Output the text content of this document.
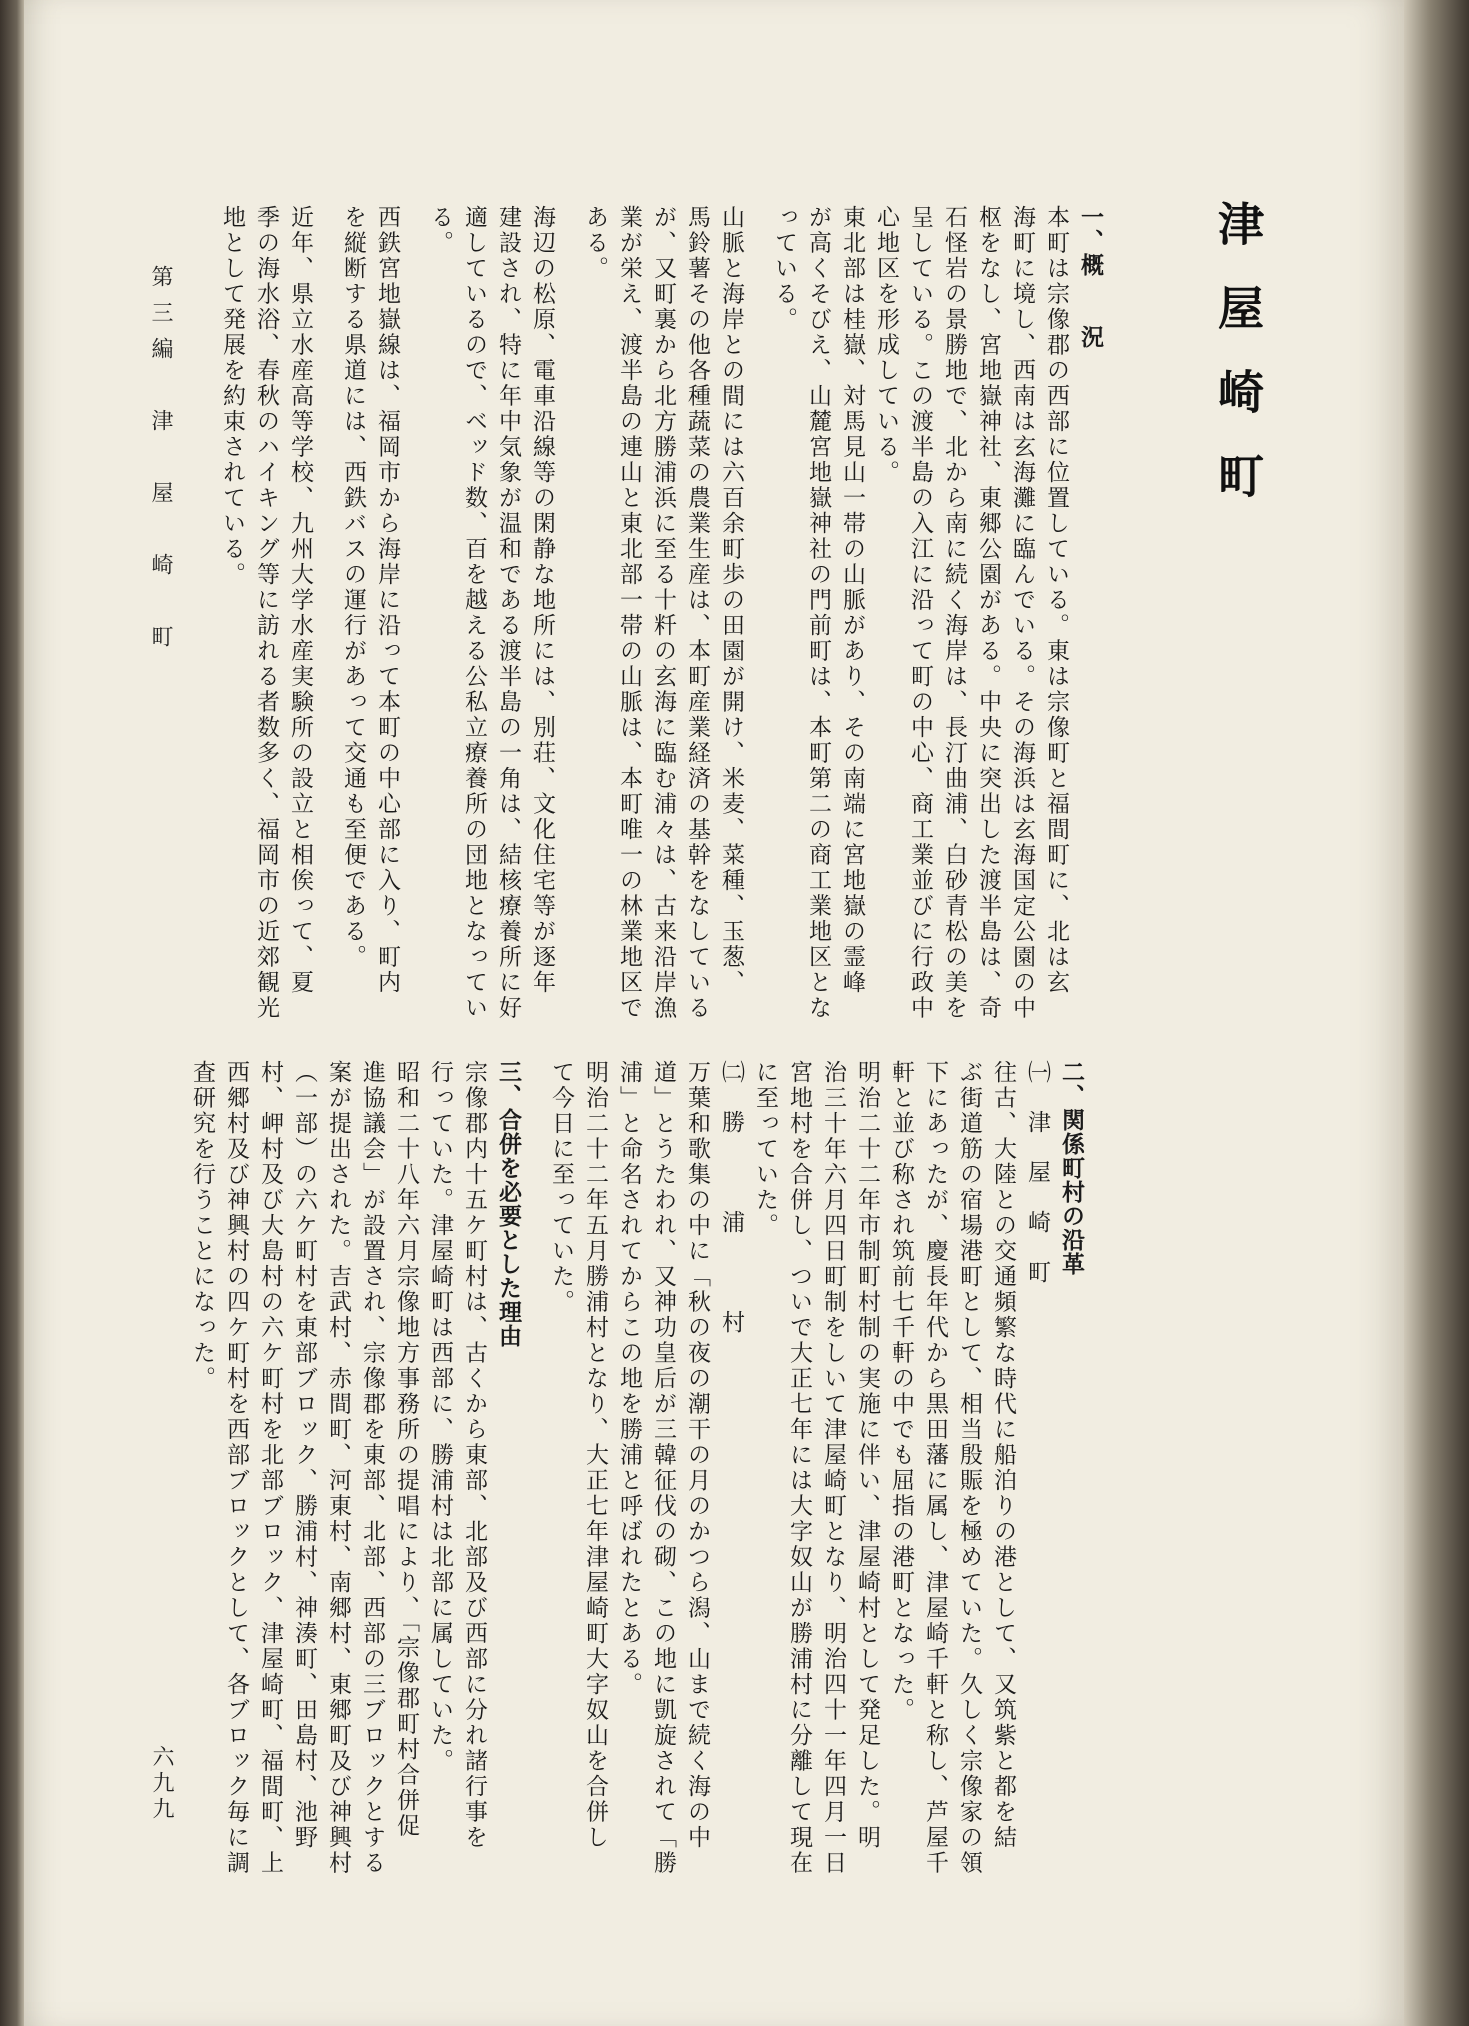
津屋崎町
一、概　　況
本町は宗像郡の西部に位置している。東は宗像町と福間町に、北は玄
海町に境し、西南は玄海灘に臨んでいる。その海浜は玄海国定公園の中
枢をなし、宮地嶽神社、東郷公園がある。中央に突出した渡半島は、奇
石怪岩の景勝地で、北から南に続く海岸は、長汀曲浦、白砂青松の美を
呈している。この渡半島の入江に沿って町の中心、商工業並びに行政中
心地区を形成している。
東北部は桂嶽、対馬見山一帯の山脈があり、その南端に宮地嶽の霊峰
が高くそびえ、山麓宮地嶽神社の門前町は、本町第二の商工業地区とな
っている。
山脈と海岸との間には六百余町歩の田園が開け、米麦、菜種、玉葱、
馬鈴薯その他各種蔬菜の農業生産は、本町産業経済の基幹をなしている
が、又町裏から北方勝浦浜に至る十粁の玄海に臨む浦々は、古来沿岸漁
業が栄え、渡半島の連山と東北部一帯の山脈は、本町唯一の林業地区で
ある。
海辺の松原、電車沿線等の閑静な地所には、別荘、文化住宅等が逐年
建設され、特に年中気象が温和である渡半島の一角は、結核療養所に好
適しているので、ベッド数、百を越える公私立療養所の団地となってい
る。
西鉄宮地嶽線は、福岡市から海岸に沿って本町の中心部に入り、町内
を縦断する県道には、西鉄バスの運行があって交通も至便である。
近年、県立水産高等学校、九州大学水産実験所の設立と相俟って、夏
季の海水浴、春秋のハイキング等に訪れる者数多く、福岡市の近郊観光
地として発展を約束されている。
二、関係町村の沿革
㈠　津　屋　崎　町
往古、大陸との交通頻繁な時代に船泊りの港として、又筑紫と都を結
ぶ街道筋の宿場港町として、相当殷賑を極めていた。久しく宗像家の領
下にあったが、慶長年代から黒田藩に属し、津屋崎千軒と称し、芦屋千
軒と並び称され筑前七千軒の中でも屈指の港町となった。
明治二十二年市制町村制の実施に伴い、津屋崎村として発足した。明
治三十年六月四日町制をしいて津屋崎町となり、明治四十一年四月一日
宮地村を合併し、ついで大正七年には大字奴山が勝浦村に分離して現在
に至っていた。
㈡　勝　　　浦　　　村
万葉和歌集の中に「秋の夜の潮干の月のかつら潟、山まで続く海の中
道」とうたわれ、又神功皇后が三韓征伐の砌、この地に凱旋されて「勝
浦」と命名されてからこの地を勝浦と呼ばれたとある。
明治二十二年五月勝浦村となり、大正七年津屋崎町大字奴山を合併し
て今日に至っていた。

三、合併を必要とした理由
宗像郡内十五ケ町村は、古くから東部、北部及び西部に分れ諸行事を
行っていた。津屋崎町は西部に、勝浦村は北部に属していた。
昭和二十八年六月宗像地方事務所の提唱により、「宗像郡町村合併促
進協議会」が設置され、宗像郡を東部、北部、西部の三ブロックとする
案が提出された。吉武村、赤間町、河東村、南郷村、東郷町及び神興村
（一部）の六ケ町村を東部ブロック、勝浦村、神湊町、田島村、池野
村、岬村及び大島村の六ケ町村を北部ブロック、津屋崎町、福間町、上
西郷村及び神興村の四ケ町村を西部ブロックとして、各ブロック毎に調
査研究を行うことになった。
第三編　津　屋　崎　町
六九九
